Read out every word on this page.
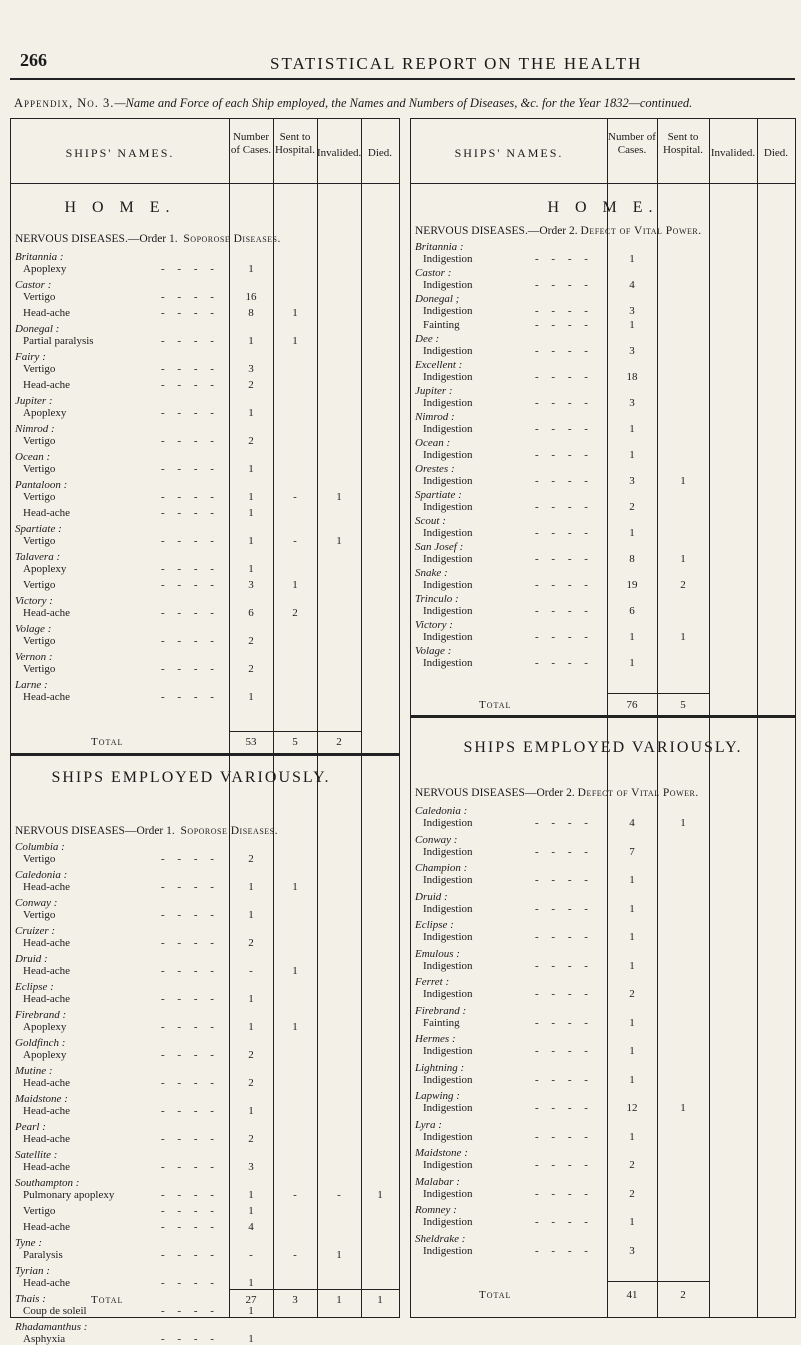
266	STATISTICAL REPORT ON THE HEALTH
Appendix, No. 3.—Name and Force of each Ship employed, the Names and Numbers of Diseases, &c. for the Year 1832—continued.
SHIPS' NAMES.
Number of Cases.
Sent to Hospital. Invalided. Died.
H O M E.
NERVOUS DISEASES.—Order 1. Soporose Diseases.
Britannia :
Apoplexy	- - - -	1
Castor :
Vertigo	- - - -	16
Head-ache	- - - -	8	1
Donegal :
Partial paralysis	- - - -	1	1
Fairy :
Vertigo	- - - -	3
Head-ache	- - - -	2
Jupiter :
Apoplexy	- - - -	1
Nimrod :
Vertigo	- - - -	2
Ocean :
Vertigo	- - - -	1
Pantaloon :
Vertigo	- - - -	1	-	1
Head-ache	- - - -	1
Spartiate :
Vertigo	- - - -	1	-	1
Talavera :
Apoplexy	- - - -	1
Vertigo	- - - -	3	1
Victory :
Head-ache	- - - -	6	2
Volage :
Vertigo	- - - -	2
Vernon :
Vertigo	- - - -	2
Larne :
Head-ache	- - - -	1
Total	53	5	2
SHIPS EMPLOYED VARIOUSLY.
NERVOUS DISEASES—Order 1. Soporose Diseases.
Columbia :
Vertigo	- - - -	2
Caledonia :
Head-ache	- - - -	1	1
Conway :
Vertigo	- - - -	1
Cruizer :
Head-ache	- - - -	2
Druid :
Head-ache	- - - -	-	1
Eclipse :
Head-ache	- - - -	1
Firebrand :
Apoplexy	- - - -	1	1
Goldfinch :
Apoplexy	- - - -	2
Mutine :
Head-ache	- - - -	2
Maidstone :
Head-ache	- - - -	1
Pearl :
Head-ache	- - - -	2
Satellite :
Head-ache	- - - -	3
Southampton :
Pulmonary apoplexy	- - - -	1	-	-	1
Vertigo	- - - -	1
Head-ache	- - - -	4
Tyne :
Paralysis	- - - -	-	-	1
Tyrian :
Head-ache	- - - -	1
Thais :
Coup de soleil	- - - -	1
Rhadamanthus :
Asphyxia	- - - -	1
Total	27	3	1	1
SHIPS' NAMES.
Number of Cases.
Sent to Hospital. Invalided. Died.
H O M E.
NERVOUS DISEASES.—Order 2. Defect of Vital Power.
Britannia :
Indigestion	- - - -	1
Castor :
Indigestion	- - - -	4
Donegal ;
Indigestion	- - - -	3
Fainting	- - - -	1
Dee :
Indigestion	- - - -	3
Excellent :
Indigestion	- - - -	18
Jupiter :
Indigestion	- - - -	3
Nimrod :
Indigestion	- - - -	1
Ocean :
Indigestion	- - - -	1
Orestes :
Indigestion	- - - -	3	1
Spartiate :
Indigestion	- - - -	2
Scout :
Indigestion	- - - -	1
San Josef :
Indigestion	- - - -	8	1
Snake :
Indigestion	- - - -	19	2
Trinculo :
Indigestion	- - - -	6
Victory :
Indigestion	- - - -	1	1
Volage :
Indigestion	- - - -	1
Total	76	5
SHIPS EMPLOYED VARIOUSLY.
NERVOUS DISEASES—Order 2. Defect of Vital Power.
Caledonia :
Indigestion	- - - -	4	1
Conway :
Indigestion	- - - -	7
Champion :
Indigestion	- - - -	1
Druid :
Indigestion	- - - -	1
Eclipse :
Indigestion	- - - -	1
Emulous :
Indigestion	- - - -	1
Ferret :
Indigestion	- - - -	2
Firebrand :
Fainting	- - - -	1
Hermes :
Indigestion	- - - -	1
Lightning :
Indigestion	- - - -	1
Lapwing :
Indigestion	- - - -	12	1
Lyra :
Indigestion	- - - -	1
Maidstone :
Indigestion	- - - -	2
Malabar :
Indigestion	- - - -	2
Romney :
Indigestion	- - - -	1
Sheldrake :
Indigestion	- - - -	3
Total	41	2
